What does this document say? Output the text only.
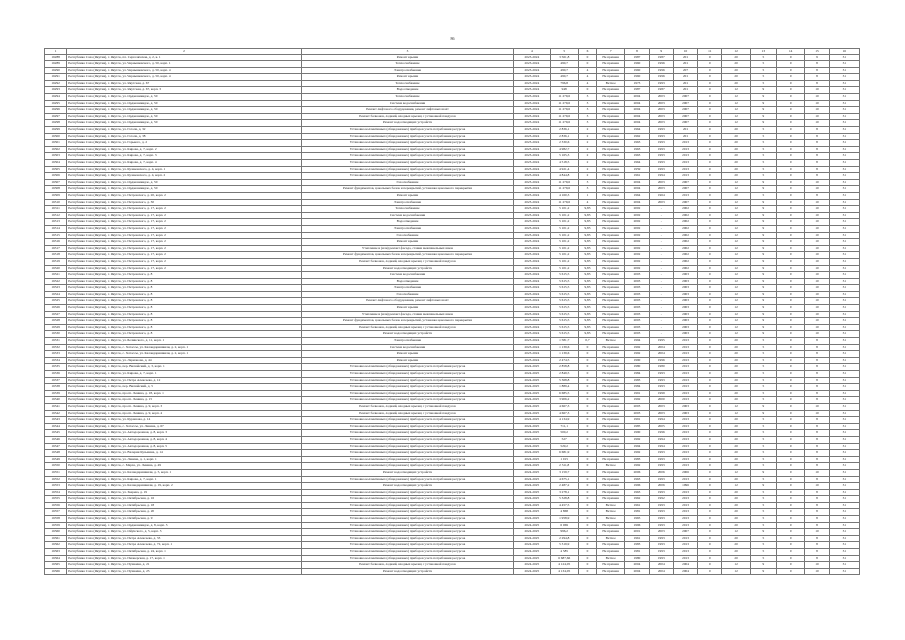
86
1	2	3	4	5	6	7	8	9	10	11	12	13	14	15	16
16288	Республика Саха (Якутия), г. Якутск, пл. Сергеляхская, д. 2, к. 1	Ремонт крыши	2023-2024	3 561,8	0	Не признан	1987	1987	201	0	20	5	0	9	31
16289	Республика Саха (Якутия), г. Якутск, ул. Чернышевского, д. 50, корп. 1	Теплоснабжение	2023-2024	490,7	0	Не признан	1960	1996	201	0	20	5	0	8	31
16290	Республика Саха (Якутия), г. Якутск, ул. Чернышевского, д. 50, корп. 4	Электроснабжение	2023-2024	490,7	4	Не признан	1960	1996	207	0	20	5	0	8	31
16291	Республика Саха (Якутия), г. Якутск, ул. Чернышевского, д. 50, корп. 4	Ремонт крыши	2023-2024	490,7	4	Не признан	1960	1996	201	0	20	5	0	8	31
16292	Республика Саха (Якутия), г. Якутск, ул. Якутская, д. 67	Теплоснабжение	2023-2024	796,8	4	Ветхое	1973	1993	201	0	20	5	0	8	31
16293	Республика Саха (Якутия), г. Якутск, ул. Якутская, д. 67, корп. 3	Водоотведение	2023-2024	948	0	Не признан	1987	1987	201	0	12	9	0	10	31
16294	Республика Саха (Якутия), г. Якутск, ул. Орджоникидзе, д. 50	Теплоснабжение	2023-2024	11 279,6	3	Не признан	2004	2003	2007	0	12	9	0	10	31
16295	Республика Саха (Якутия), г. Якутск, ул. Орджоникидзе, д. 50	Система водоснабжения	2023-2024	11 279,6	3	Не признан	2004	2003	2007	0	12	9	0	10	31
16296	Республика Саха (Якутия), г. Якутск, ул. Орджоникидзе, д. 50	Ремонт лифтового оборудования, ремонт лифтовых шахт	2023-2024	11 279,6	3	Не признан	2004	2003	2007	0	12	9	0	10	31
16297	Республика Саха (Якутия), г. Якутск, ул. Орджоникидзе, д. 50	Ремонт балконов, лоджий, входных крылец с установкой пандусов	2023-2024	11 279,6	3	Не признан	2004	2003	2007	0	12	9	0	10	31
16298	Республика Саха (Якутия), г. Якутск, ул. Орджоникидзе, д. 50	Ремонт водоотводящих устройств	2023-2024	11 279,6	3	Не признан	2004	2003	2007	0	12	9	0	10	31
16299	Республика Саха (Якутия), г. Якутск, ул. Гоголя, д. 32	Установка коллективных (общедомовых) приборов учета потребления ресурсов	2023-2024	2 836,1	2	Не признан	1964	1993	201	0	20	5	0	8	31
16300	Республика Саха (Якутия), г. Якутск, ул. Гоголя, д. 38	Установка коллективных (общедомовых) приборов учета потребления ресурсов	2023-2024	2 836,1	2	Не признан	1962	1993	201	0	20	5	0	8	31
16301	Республика Саха (Якутия), г. Якутск, ул. Горького, д. 2	Установка коллективных (общедомовых) приборов учета потребления ресурсов	2023-2024	2 330,6	2	Не признан	1963	1993	2013	0	20	5	0	8	31
16302	Республика Саха (Якутия), г. Якутск, ул. Кирова, д. 7, корп. 2	Установка коллективных (общедомовых) приборов учета потребления ресурсов	2023-2024	4 982,7	2	Не признан	1963	1993	2013	0	20	5	0	8	31
16303	Республика Саха (Якутия), г. Якутск, ул. Кирова, д. 7, корп. 3	Установка коллективных (общедомовых) приборов учета потребления ресурсов	2023-2024	5 165,3	2	Не признан	1963	1993	2013	0	20	5	0	8	31
16304	Республика Саха (Якутия), г. Якутск, ул. Кирова, д. 7, корп. 4	Установка коллективных (общедомовых) приборов учета потребления ресурсов	2023-2024	4 518,5	2	Не признан	1964	1993	2013	0	20	5	0	8	31
16305	Республика Саха (Якутия), г. Якутск, ул. Кулаковского, д. 4, корп. 1	Установка коллективных (общедомовых) приборов учета потребления ресурсов	2023-2024	4 921,4	2	Не признан	1959	1993	2013	0	20	5	0	8	31
16306	Республика Саха (Якутия), г. Якутск, ул. Кулаковского, д. 4, корп. 2	Установка коллективных (общедомовых) приборов учета потребления ресурсов	2023-2024	4 844,8	2	Не признан	1961	1994	2013	0	20	5	0	8	31
16307	Республика Саха (Якутия), г. Якутск, ул. Орджоникидзе, д. 50	Газоснабжение	2023-2024	11 279,6	3	Не признан	2004	2003	2007	0	12	9	0	10	31
16308	Республика Саха (Якутия), г. Якутск, ул. Орджоникидзе, д. 50	Ремонт фундаментов, цокольных балок и перекрытий, установка цокольного перекрытия	2023-2024	11 279,6	3	Не признан	2004	2003	2007	0	12	9	0	10	31
16309	Республика Саха (Якутия), г. Якутск, ул. Петровского, д. 20, корп. 2	Ремонт крыши	2023-2024	4 160,3	1	Не признан	1964	1964	2013	0	20	5	0	8	31
16310	Республика Саха (Якутия), г. Якутск, ул. Петровского, д. 30	Электроснабжение	2023-2024	11 279,6	4	Не признан	2004	2003	2007	0	12	9	0	10	31
16311	Республика Саха (Якутия), г. Якутск, ул. Петровского, д. 17, корп. 2	Теплоснабжение	2023-2024	5 101,2	9,83	Не признан	2002	-	2002	0	12	9	0	10	31
16312	Республика Саха (Якутия), г. Якутск, ул. Петровского, д. 17, корп. 2	Система водоснабжения	2023-2024	5 101,2	9,83	Не признан	2002	-	2002	0	12	9	0	10	31
16313	Республика Саха (Якутия), г. Якутск, ул. Петровского, д. 17, корп. 2	Водоотведение	2023-2024	5 101,2	9,83	Не признан	2002	-	2002	0	12	9	0	10	31
16314	Республика Саха (Якутия), г. Якутск, ул. Петровского, д. 17, корп. 2	Электроснабжение	2023-2024	5 101,2	9,83	Не признан	2002	-	2002	0	12	9	0	10	31
16315	Республика Саха (Якутия), г. Якутск, ул. Петровского, д. 17, корп. 2	Газоснабжение	2023-2024	5 101,2	9,83	Не признан	2002	-	2002	0	12	9	0	10	31
16316	Республика Саха (Якутия), г. Якутск, ул. Петровского, д. 17, корп. 2	Ремонт крыши	2023-2024	5 101,2	9,83	Не признан	2002	-	2002	0	12	9	0	10	31
16317	Республика Саха (Якутия), г. Якутск, ул. Петровского, д. 17, корп. 2	Утепление и (или) ремонт фасада, ставни межпанельных швов	2023-2024	5 101,2	9,83	Не признан	2002	-	2002	0	12	9	0	10	31
16318	Республика Саха (Якутия), г. Якутск, ул. Петровского, д. 17, корп. 2	Ремонт фундаментов, цокольных балок и перекрытий, установка цокольного перекрытия	2023-2024	5 101,2	9,83	Не признан	2002	-	2002	0	12	9	0	10	31
16319	Республика Саха (Якутия), г. Якутск, ул. Петровского, д. 17, корп. 2	Ремонт балконов, лоджий, входных крылец с установкой пандусов	2023-2024	5 101,2	9,83	Не признан	2002	-	2002	0	12	9	0	10	31
16320	Республика Саха (Якутия), г. Якутск, ул. Петровского, д. 17, корп. 2	Ремонт водоотводящих устройств	2023-2024	5 101,2	9,83	Не признан	2002	-	2002	0	12	9	0	10	31
16321	Республика Саха (Якутия), г. Якутск, ул. Петровского, д. 8	Система водоснабжения	2023-2024	5 615,5	9,83	Не признан	2003	-	2003	0	12	9	0	10	31
16322	Республика Саха (Якутия), г. Якутск, ул. Петровского, д. 8	Водоотведение	2023-2024	5 615,5	9,83	Не признан	2003	-	2003	0	12	9	0	10	31
16323	Республика Саха (Якутия), г. Якутск, ул. Петровского, д. 8	Электроснабжение	2023-2024	5 615,5	9,83	Не признан	2003	-	2003	0	12	9	0	10	31
16324	Республика Саха (Якутия), г. Якутск, ул. Петровского, д. 8	Газоснабжение	2023-2024	5 615,5	9,83	Не признан	2003	-	2003	0	12	9	0	10	31
16325	Республика Саха (Якутия), г. Якутск, ул. Петровского, д. 8	Ремонт лифтового оборудования, ремонт лифтовых шахт	2023-2024	5 615,5	9,83	Не признан	2003	-	2003	0	12	9	0	10	31
16326	Республика Саха (Якутия), г. Якутск, ул. Петровского, д. 8	Ремонт крыши	2023-2024	5 615,5	9,83	Не признан	2003	-	2003	0	12	9	0	10	31
16327	Республика Саха (Якутия), г. Якутск, ул. Петровского, д. 8	Утепление и (или) ремонт фасада, ставни межпанельных швов	2023-2024	5 615,5	9,83	Не признан	2003	-	2003	0	12	9	0	10	31
16328	Республика Саха (Якутия), г. Якутск, ул. Петровского, д. 8	Ремонт фундаментов, цокольных балок и перекрытий, установка цокольного перекрытия	2023-2024	5 615,5	9,83	Не признан	2003	-	2003	0	12	9	0	10	31
16329	Республика Саха (Якутия), г. Якутск, ул. Петровского, д. 8	Ремонт балконов, лоджий, входных крылец с установкой пандусов	2023-2024	5 615,5	9,83	Не признан	2003	-	2003	0	12	9	0	10	31
16330	Республика Саха (Якутия), г. Якутск, ул. Петровского, д. 8	Ремонт водоотводящих устройств	2023-2024	5 615,5	9,83	Не признан	2003	-	2003	0	12	9	0	10	31
16331	Республика Саха (Якутия), г. Якутск, ул. Белинского, д. 11, корп. 1	Электроснабжение	2023-2024	1 581,7	0,7	Ветхое	1994	1995	2013	0	20	5	0	8	31
16332	Республика Саха (Якутия), г. Якутск, с. Хатассы, ул. Каландаришвили, д. 2, корп. 1	Система водоснабжения	2023-2024	1 139,6	0	Не признан	1992	2004	2013	0	20	5	0	8	31
16333	Республика Саха (Якутия), г. Якутск, с. Хатассы, ул. Каландаришвили, д. 2, корп. 1	Ремонт крыши	2023-2024	1 139,6	0	Не признан	1992	2004	2013	0	20	5	0	8	31
16334	Республика Саха (Якутия), г. Якутск, ул. Ларионова, д. 44	Ремонт крыши	2023-2024	2 474,5	0	Не признан	1990	1996	2013	0	20	5	0	8	31
16335	Республика Саха (Якутия), г. Якутск, пер. Вилюйский, д. 3, корп. 1	Установка коллективных (общедомовых) приборов учета потребления ресурсов	2024-2025	2 858,8	0	Не признан	1980	1980	2013	0	20	5	0	8	31
16336	Республика Саха (Якутия), г. Якутск, ул. Кирова, д. 7, корп. 1	Установка коллективных (общедомовых) приборов учета потребления ресурсов	2024-2025	2 849,5	0	Не признан	1984	1993	2013	0	20	5	0	8	31
16337	Республика Саха (Якутия), г. Якутск, ул. Петра Алексеева, д. 12	Установка коллективных (общедомовых) приборов учета потребления ресурсов	2024-2025	5 368,8	0	Не признан	1983	1993	2013	0	20	5	0	8	31
16338	Республика Саха (Якутия), г. Якутск, пер. Вилюйский, д. 5	Установка коллективных (общедомовых) приборов учета потребления ресурсов	2024-2025	1 889,4	0	Не признан	1984	1993	2013	0	20	5	0	8	31
16339	Республика Саха (Якутия), г. Якутск, просп. Ленина, д. 18, корп. 1	Установка коллективных (общедомовых) приборов учета потребления ресурсов	2024-2025	6 685,5	0	Не признан	1991	1999	2013	0	20	5	0	8	31
16340	Республика Саха (Якутия), г. Якутск, просп. Ленина, д. 15	Установка коллективных (общедомовых) приборов учета потребления ресурсов	2024-2025	3 906,2	0	Не признан	1992	2000	2013	0	20	5	0	8	31
16341	Республика Саха (Якутия), г. Якутск, просп. Ленина, д. 9, корп. 3	Ремонт балконов, лоджий, входных крылец с установкой пандусов	2024-2025	4 667,3	0	Не признан	2003	2003	2003	0	12	9	0	10	31
16342	Республика Саха (Якутия), г. Якутск, просп. Ленина, д. 9, корп. 4	Ремонт балконов, лоджий, входных крылец с установкой пандусов	2024-2025	4 667,3	0	Не признан	2003	2003	2003	0	12	9	0	10	31
16343	Республика Саха (Якутия), г. Якутск, ул. Курашова, д. 14	Установка коллективных (общедомовых) приборов учета потребления ресурсов	2024-2025	4 134,9	0	Не признан	1991	1994	2013	0	20	5	0	8	31
16344	Республика Саха (Якутия), г. Якутск, с. Хатассы, ул. Ленина, д. 67	Установка коллективных (общедомовых) приборов учета потребления ресурсов	2024-2025	711,1	0	Не признан	1985	2005	2013	0	20	5	0	8	31
16345	Республика Саха (Якутия), г. Якутск, ул. Автодорожная, д. 8, корп. 3	Установка коллективных (общедомовых) приборов учета потребления ресурсов	2024-2025	500,2	0	Не признан	1990	1996	2013	0	20	5	0	8	31
16346	Республика Саха (Якутия), г. Якутск, ул. Автодорожная, д. 8, корп. 4	Установка коллективных (общедомовых) приборов учета потребления ресурсов	2024-2025	527	0	Не признан	1992	1994	2013	0	20	5	0	8	31
16347	Республика Саха (Якутия), г. Якутск, ул. Автодорожная, д. 8, корп. 5	Установка коллективных (общедомовых) приборов учета потребления ресурсов	2024-2025	529,2	0	Не признан	1994	1994	2013	0	20	5	0	8	31
16348	Республика Саха (Якутия), г. Якутск, ул. Валерия Кузьмина, д. 14	Установка коллективных (общедомовых) приборов учета потребления ресурсов	2024-2025	6 681,9	0	Не признан	1992	1993	2013	0	20	5	0	8	31
16349	Республика Саха (Якутия), г. Якутск, ул. Ленина, д. 1, корп. 1	Установка коллективных (общедомовых) приборов учета потребления ресурсов	2024-2025	1 015	0	Не признан	1983	1993	2013	0	20	5	0	8	31
16350	Республика Саха (Якутия), г. Якутск, с. Марха, ул. Ленина, д. 49	Установка коллективных (общедомовых) приборов учета потребления ресурсов	2024-2025	2 311,8	0	Ветхое	1992	1993	2013	0	20	5	0	8	31
16351	Республика Саха (Якутия), г. Якутск, ул. Каландаришвили, д. 5, корп. 1	Ремонт водоотводящих устройств	2024-2025	3 159,7	0	Не признан	2006	2006	2006	0	12	9	0	10	31
16352	Республика Саха (Якутия), г. Якутск, ул. Кирова, д. 7, корп. 1	Установка коллективных (общедомовых) приборов учета потребления ресурсов	2024-2025	4 675,1	0	Не признан	1963	1993	2013	0	20	5	0	8	31
16353	Республика Саха (Якутия), г. Якутск, ул. Каландаришвили, д. 19, корп. 2	Ремонт водоотводящих устройств	2024-2025	2 487,2	0	Не признан	1996	2006	1996	0	12	9	0	10	31
16354	Республика Саха (Якутия), г. Якутск, ул. Зверева, д. 19	Установка коллективных (общедомовых) приборов учета потребления ресурсов	2024-2025	3 278,1	0	Не признан	1963	1993	2013	0	20	5	0	8	31
16355	Республика Саха (Якутия), г. Якутск, ул. Октябрьская, д. 16	Установка коллективных (общедомовых) приборов учета потребления ресурсов	2024-2025	5 328,8	0	Не признан	1962	1992	2013	0	20	5	0	8	31
16356	Республика Саха (Якутия), г. Якутск, ул. Октябрьская, д. 18	Установка коллективных (общедомовых) приборов учета потребления ресурсов	2024-2025	4 457,5	0	Ветхое	1961	1993	2013	0	20	5	0	8	31
16357	Республика Саха (Якутия), г. Якутск, ул. Октябрьская, д. 20	Установка коллективных (общедомовых) приборов учета потребления ресурсов	2024-2025	4 868	0	Ветхое	1981	1993	2013	0	20	5	0	8	31
16358	Республика Саха (Якутия), г. Якутск, ул. Октябрьская, д. 9	Установка коллективных (общедомовых) приборов учета потребления ресурсов	2024-2025	1 958,9	0	Ветхое	1965	1993	2013	0	20	5	0	8	31
16359	Республика Саха (Якутия), г. Якутск, ул. Орджоникидзе, д. 8, корп. 3	Установка коллективных (общедомовых) приборов учета потребления ресурсов	2024-2025	6 069	0	Не признан	1996	1993	2013	0	20	5	0	8	31
16360	Республика Саха (Якутия), г. Якутск, ул. Ойунского, д. 5, корп. 3	Установка коллективных (общедомовых) приборов учета потребления ресурсов	2024-2025	996,2	0	Не признан	2001	2003	2007	0	12	9	0	10	31
16361	Республика Саха (Якутия), г. Якутск, ул. Петра Алексеева, д. 33	Установка коллективных (общедомовых) приборов учета потребления ресурсов	2024-2025	2 294,8	0	Ветхое	1961	1993	2013	0	20	5	0	8	31
16362	Республика Саха (Якутия), г. Якутск, ул. Петра Алексеева, д. 72, корп. 1	Установка коллективных (общедомовых) приборов учета потребления ресурсов	2024-2025	5 319,9	0	Не признан	1983	1993	2013	0	20	5	0	8	31
16363	Республика Саха (Якутия), г. Якутск, ул. Октябрьская, д. 24, корп. 1	Установка коллективных (общедомовых) приборов учета потребления ресурсов	2024-2025	4 585	0	Не признан	1981	1993	2013	0	20	5	0	8	31
16364	Республика Саха (Якутия), г. Якутск, ул. Пионерская, д. 17, корп. 1	Установка коллективных (общедомовых) приборов учета потребления ресурсов	2024-2025	6 687,66	0	Ветхое	1980	1993	2013	0	20	5	0	8	31
16365	Республика Саха (Якутия), г. Якутск, ул. Пушкина, д. 21	Ремонт балконов, лоджий, входных крылец с установкой пандусов	2024-2025	4 124,05	0	Не признан	2004	2004	2004	0	12	9	0	10	31
16366	Республика Саха (Якутия), г. Якутск, ул. Пушкина, д. 23	Ремонт водоотводящих устройств	2024-2025	4 134,05	0	Не признан	2004	2004	2004	0	12	9	0	10	31
